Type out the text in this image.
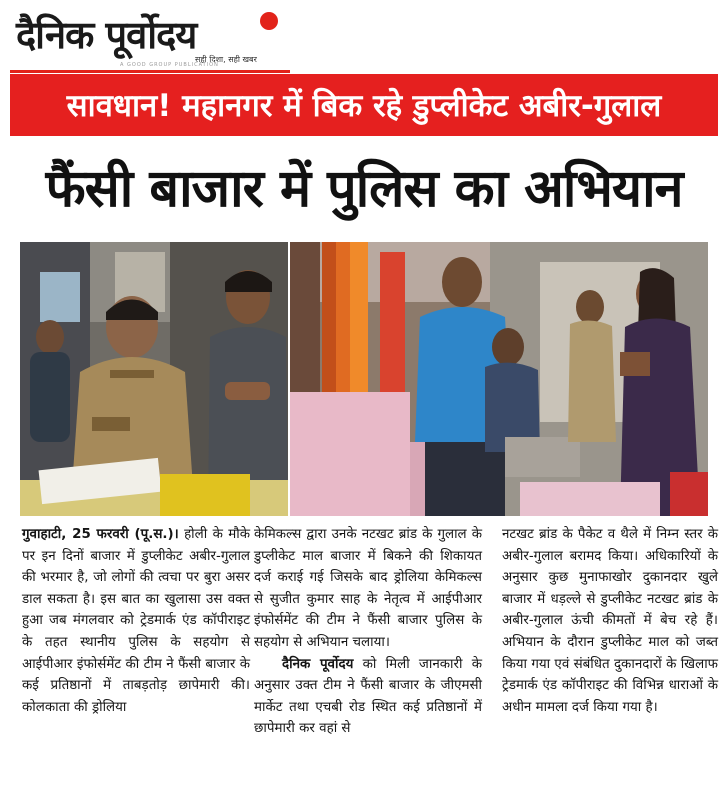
दैनिक पूर्वोदय
A GOOD GROUP PUBLICATION
सही दिशा, सही खबर
सावधान! महानगर में बिक रहे डुप्लीकेट अबीर-गुलाल
फैंसी बाजार में पुलिस का अभियान

गुवाहाटी, 25 फरवरी (पू.स.)। होली के मौके पर इन दिनों बाजार में डुप्लीकेट अबीर-गुलाल की भरमार है, जो लोगों की त्वचा पर बुरा असर डाल सकता है। इस बात का खुलासा उस वक्त हुआ जब मंगलवार को ट्रेडमार्क एंड कॉपीराइट के तहत स्थानीय पुलिस के सहयोग से आईपीआर इंफोर्समेंट की टीम ने फैंसी बाजार के कई प्रतिष्ठानों में ताबड़तोड़ छापेमारी की। कोलकाता की ड्रोलिया

केमिकल्स द्वारा उनके नटखट ब्रांड के गुलाल के डुप्लीकेट माल बाजार में बिकने की शिकायत दर्ज कराई गई जिसके बाद ड्रोलिया केमिकल्स से सुजीत कुमार साह के नेतृत्व में आईपीआर इंफोर्समेंट की टीम ने फैंसी बाजार पुलिस के सहयोग से अभियान चलाया।

दैनिक पूर्वोदय को मिली जानकारी के अनुसार उक्त टीम ने फैंसी बाजार के जीएमसी मार्केट तथा एचबी रोड स्थित कई प्रतिष्ठानों में छापेमारी कर वहां से

नटखट ब्रांड के पैकेट व थैले में निम्न स्तर के अबीर-गुलाल बरामद किया। अधिकारियों के अनुसार कुछ मुनाफाखोर दुकानदार खुले बाजार में धड़ल्ले से डुप्लीकेट नटखट ब्रांड के अबीर-गुलाल ऊंची कीमतों में बेच रहे हैं। अभियान के दौरान डुप्लीकेट माल को जब्त किया गया एवं संबंधित दुकानदारों के खिलाफ ट्रेडमार्क एंड कॉपीराइट की विभिन्न धाराओं के अधीन मामला दर्ज किया गया है।
